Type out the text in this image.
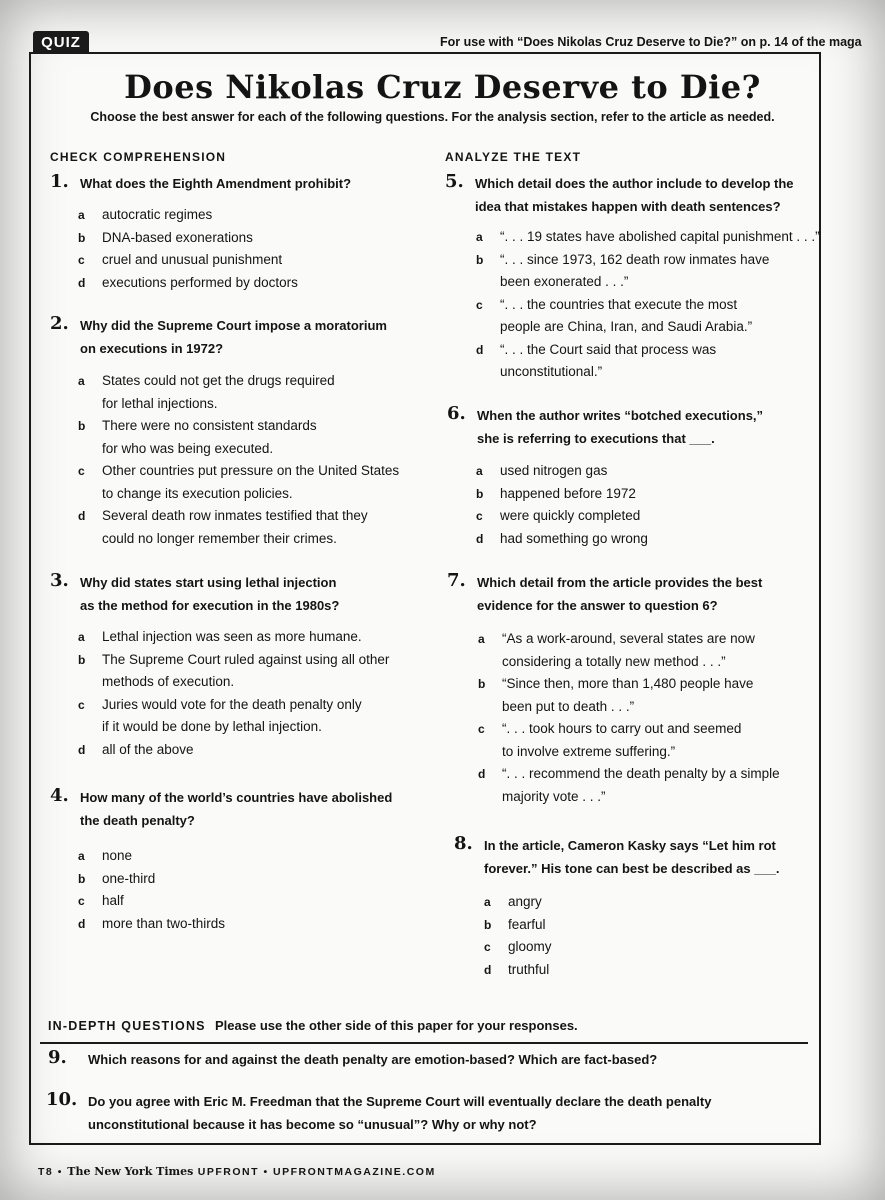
QUIZ	For use with “Does Nikolas Cruz Deserve to Die?” on p. 14 of the maga
Does Nikolas Cruz Deserve to Die?
Choose the best answer for each of the following questions. For the analysis section, refer to the article as needed.
CHECK COMPREHENSION	ANALYZE THE TEXT
1. What does the Eighth Amendment prohibit?
a autocratic regimes
b DNA-based exonerations
c cruel and unusual punishment
d executions performed by doctors
2. Why did the Supreme Court impose a moratorium
on executions in 1972?
a States could not get the drugs required
for lethal injections.
b There were no consistent standards
for who was being executed.
c Other countries put pressure on the United States
to change its execution policies.
d Several death row inmates testified that they
could no longer remember their crimes.
3. Why did states start using lethal injection
as the method for execution in the 1980s?
a Lethal injection was seen as more humane.
b The Supreme Court ruled against using all other
methods of execution.
c Juries would vote for the death penalty only
if it would be done by lethal injection.
d all of the above
4. How many of the world’s countries have abolished
the death penalty?
a none
b one-third
c half
d more than two-thirds
5. Which detail does the author include to develop the
idea that mistakes happen with death sentences?
a “. . . 19 states have abolished capital punishment . . .”
b “. . . since 1973, 162 death row inmates have
been exonerated . . .”
c “. . . the countries that execute the most
people are China, Iran, and Saudi Arabia.”
d “. . . the Court said that process was
unconstitutional.”
6. When the author writes “botched executions,”
she is referring to executions that ___.
a used nitrogen gas
b happened before 1972
c were quickly completed
d had something go wrong
7. Which detail from the article provides the best
evidence for the answer to question 6?
a “As a work-around, several states are now
considering a totally new method . . .”
b “Since then, more than 1,480 people have
been put to death . . .”
c “. . . took hours to carry out and seemed
to involve extreme suffering.”
d “. . . recommend the death penalty by a simple
majority vote . . .”
8. In the article, Cameron Kasky says “Let him rot
forever.” His tone can best be described as ___.
a angry
b fearful
c gloomy
d truthful
IN-DEPTH QUESTIONS Please use the other side of this paper for your responses.
9. Which reasons for and against the death penalty are emotion-based? Which are fact-based?
10. Do you agree with Eric M. Freedman that the Supreme Court will eventually declare the death penalty
unconstitutional because it has become so “unusual”? Why or why not?
T8 • The New York Times UPFRONT • UPFRONTMAGAZINE.COM
